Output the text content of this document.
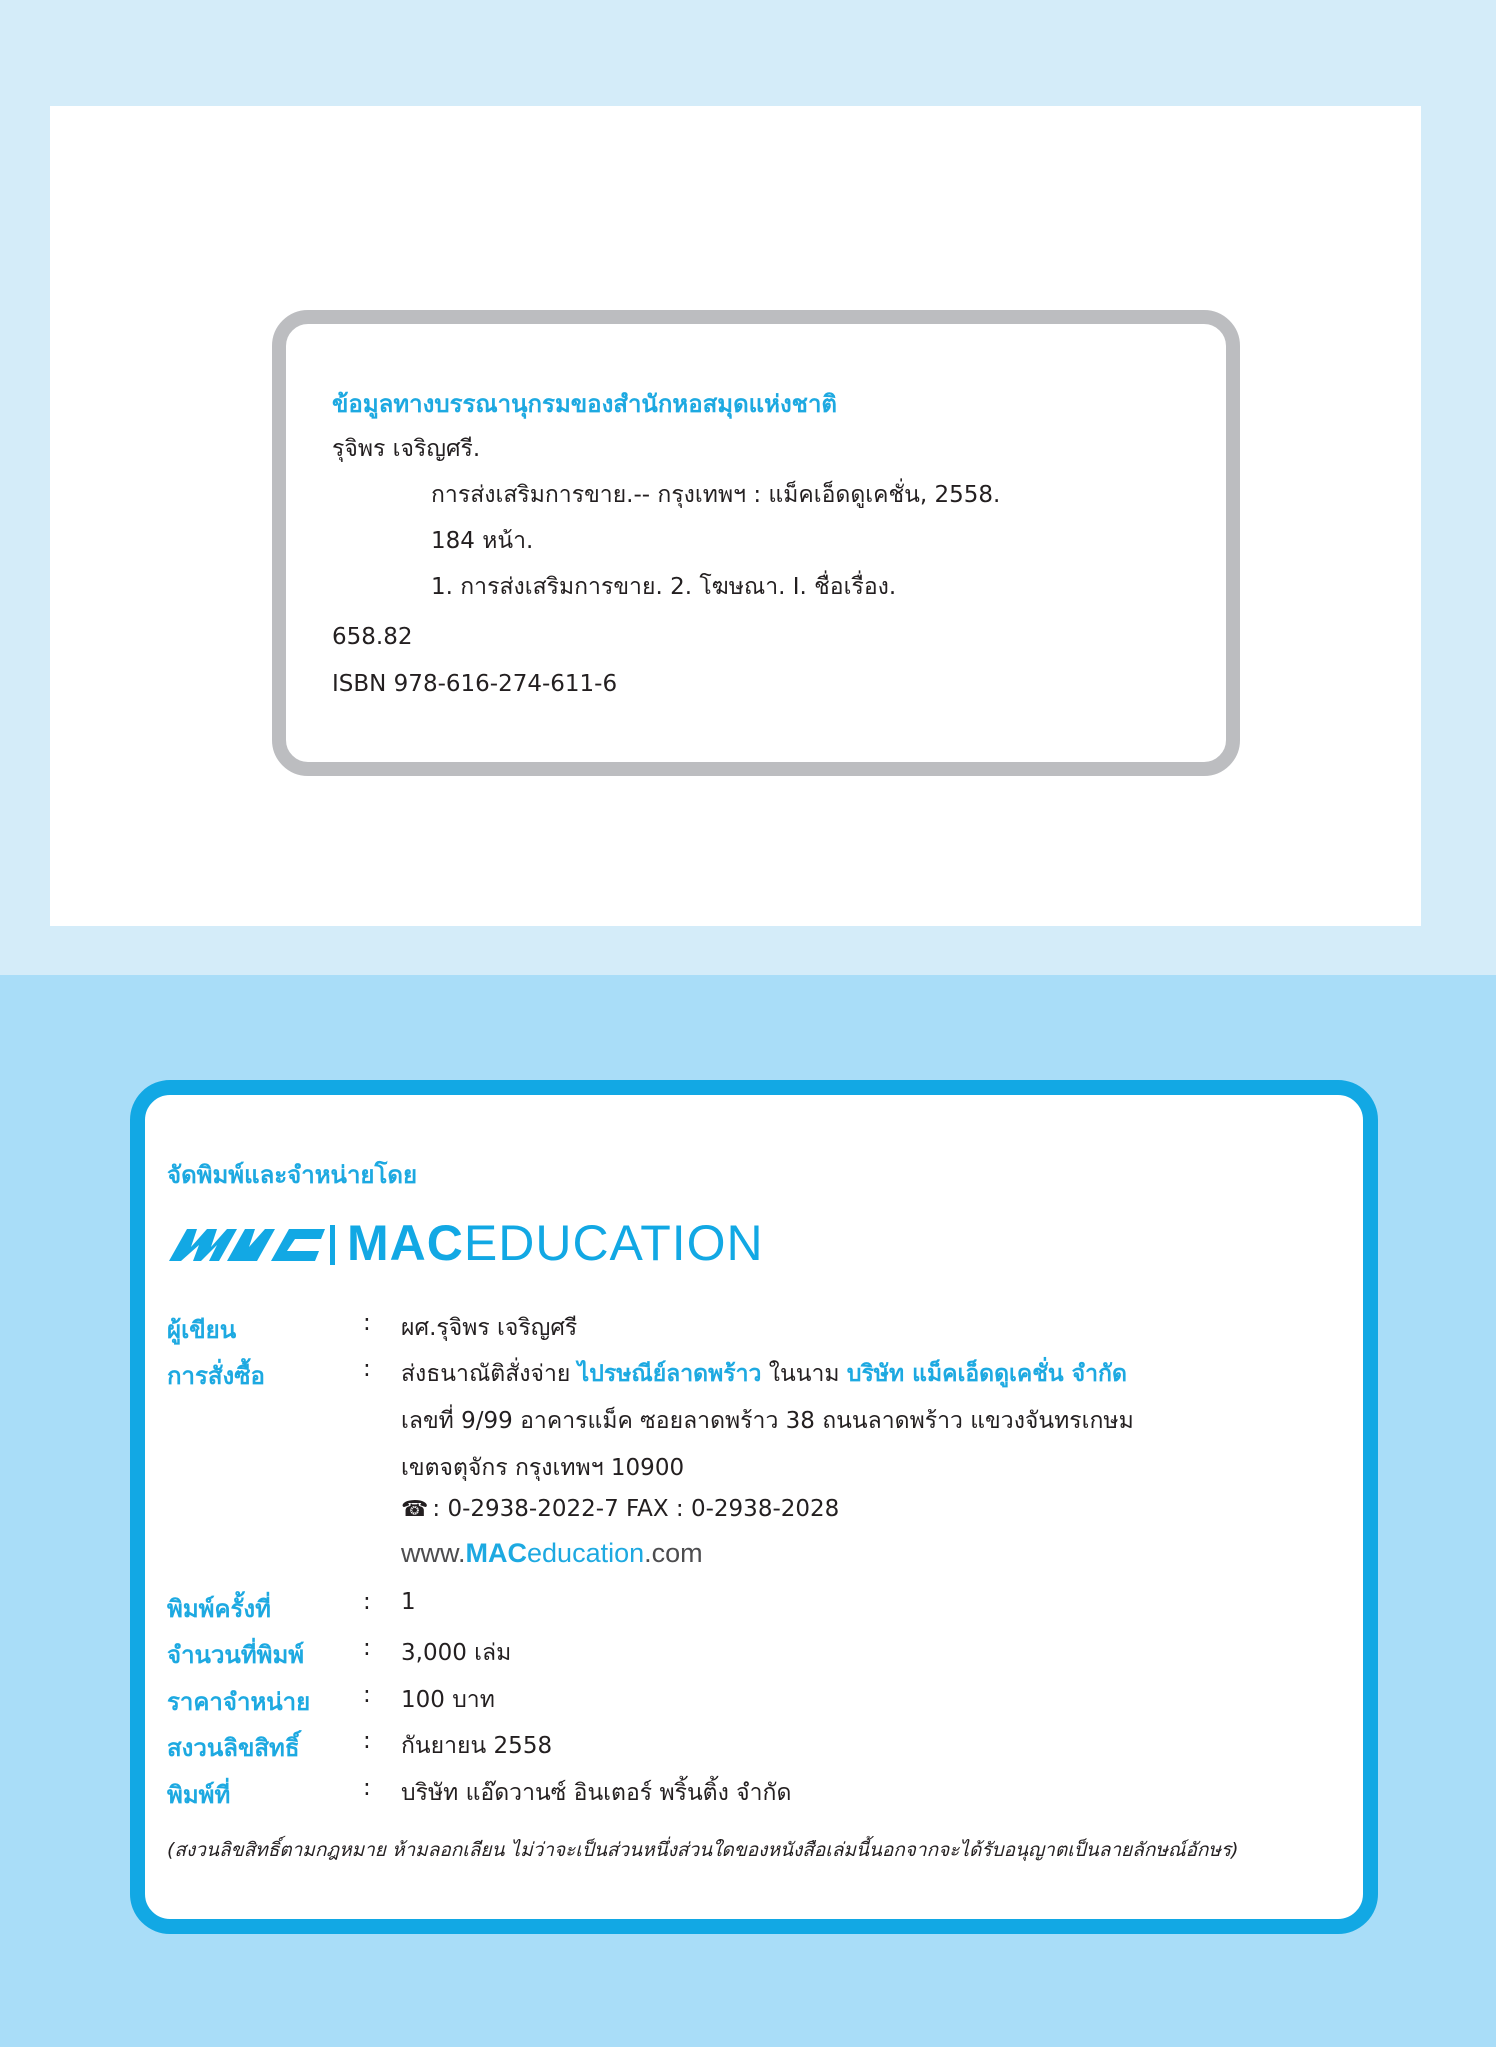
ข้อมูลทางบรรณานุกรมของสำนักหอสมุดแห่งชาติ
รุจิพร เจริญศรี.
การส่งเสริมการขาย.-- กรุงเทพฯ : แม็คเอ็ดดูเคชั่น, 2558.
184 หน้า.
1. การส่งเสริมการขาย. 2. โฆษณา. I. ชื่อเรื่อง.
658.82
ISBN 978-616-274-611-6
จัดพิมพ์และจำหน่ายโดย
MACEDUCATION
ผู้เขียน	: ผศ.รุจิพร เจริญศรี
การสั่งซื้อ	: ส่งธนาณัติสั่งจ่าย ไปรษณีย์ลาดพร้าว ในนาม บริษัท แม็คเอ็ดดูเคชั่น จำกัด
เลขที่ 9/99 อาคารแม็ค ซอยลาดพร้าว 38 ถนนลาดพร้าว แขวงจันทรเกษม
เขตจตุจักร กรุงเทพฯ 10900
☎ : 0-2938-2022-7 FAX : 0-2938-2028
www.MACeducation.com
พิมพ์ครั้งที่	: 1
จำนวนที่พิมพ์	: 3,000 เล่ม
ราคาจำหน่าย : 100 บาท
สงวนลิขสิทธิ์	: กันยายน 2558
พิมพ์ที่	: บริษัท แอ๊ดวานซ์ อินเตอร์ พริ้นติ้ง จำกัด
(สงวนลิขสิทธิ์ตามกฎหมาย ห้ามลอกเลียน ไม่ว่าจะเป็นส่วนหนึ่งส่วนใดของหนังสือเล่มนี้นอกจากจะได้รับอนุญาตเป็นลายลักษณ์อักษร)
